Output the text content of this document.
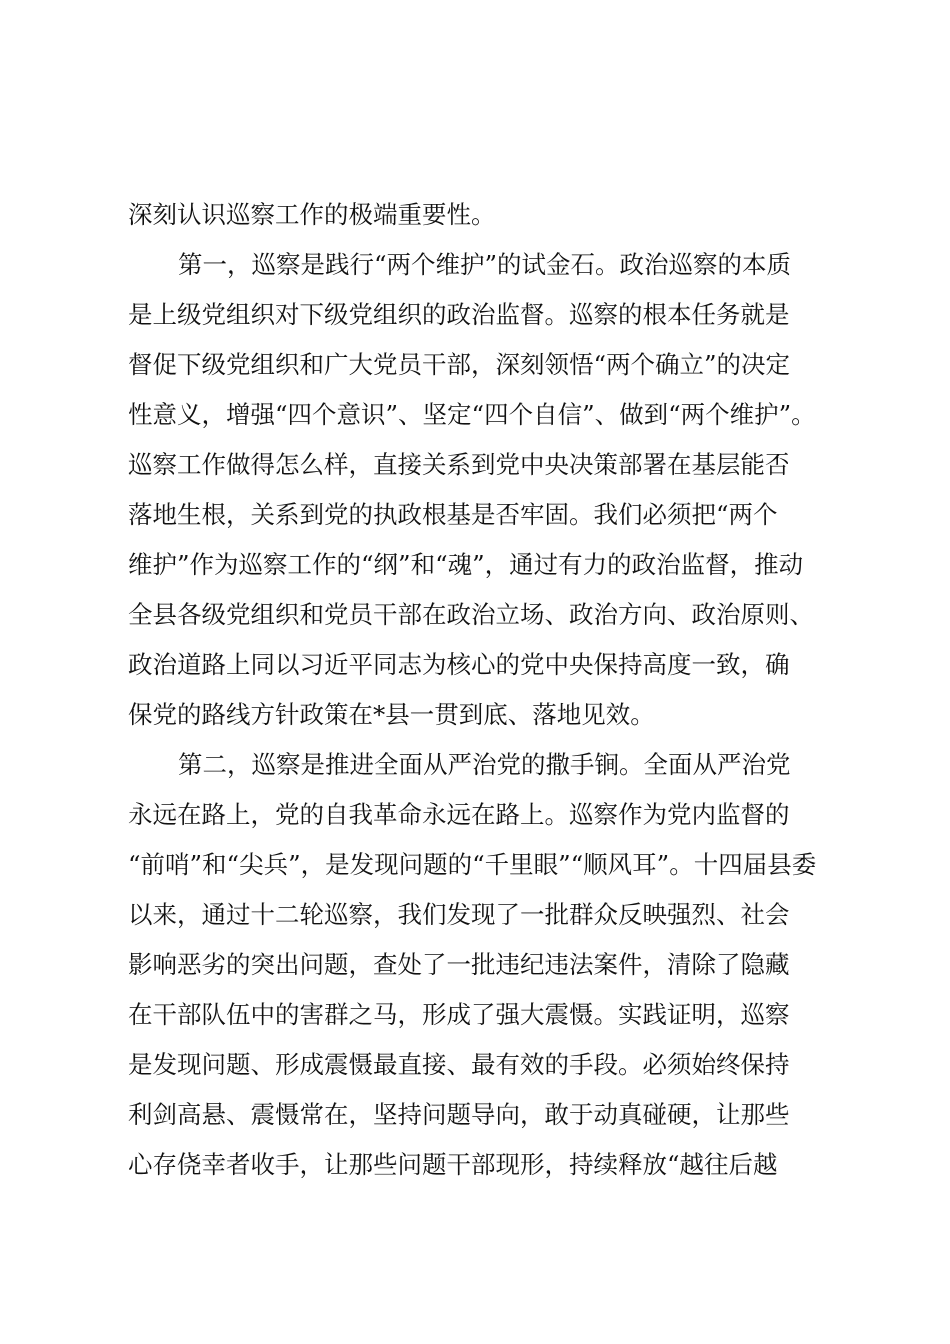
深刻认识巡察工作的极端重要性。
第一，巡察是践行“两个维护”的试金石。政治巡察的本质
是上级党组织对下级党组织的政治监督。巡察的根本任务就是
督促下级党组织和广大党员干部，深刻领悟“两个确立”的决定
性意义，增强“四个意识”、坚定“四个自信”、做到“两个维护”。
巡察工作做得怎么样，直接关系到党中央决策部署在基层能否
落地生根，关系到党的执政根基是否牢固。我们必须把“两个
维护”作为巡察工作的“纲”和“魂”，通过有力的政治监督，推动
全县各级党组织和党员干部在政治立场、政治方向、政治原则、
政治道路上同以习近平同志为核心的党中央保持高度一致，确
保党的路线方针政策在*县一贯到底、落地见效。
第二，巡察是推进全面从严治党的撒手锏。全面从严治党
永远在路上，党的自我革命永远在路上。巡察作为党内监督的
“前哨”和“尖兵”，是发现问题的“千里眼”“顺风耳”。十四届县委
以来，通过十二轮巡察，我们发现了一批群众反映强烈、社会
影响恶劣的突出问题，查处了一批违纪违法案件，清除了隐藏
在干部队伍中的害群之马，形成了强大震慑。实践证明，巡察
是发现问题、形成震慑最直接、最有效的手段。必须始终保持
利剑高悬、震慑常在，坚持问题导向，敢于动真碰硬，让那些
心存侥幸者收手，让那些问题干部现形，持续释放“越往后越
